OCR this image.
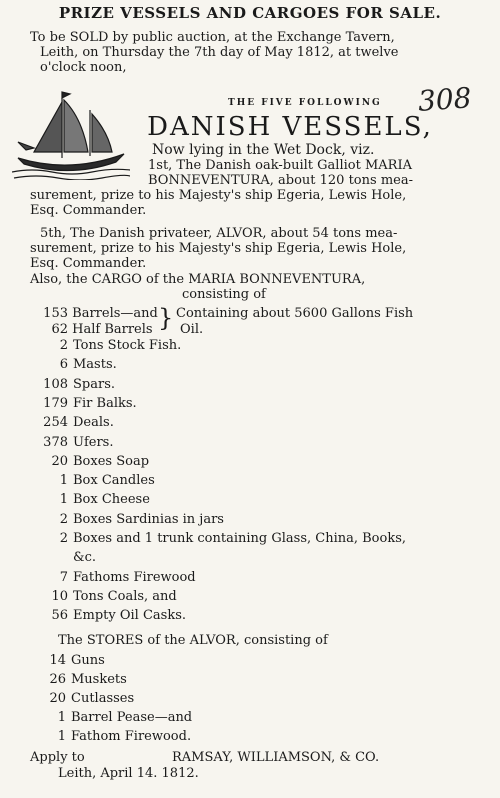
PRIZE VESSELS AND CARGOES FOR SALE.
To be SOLD by public auction, at the Exchange Tavern,
Leith, on Thursday the 7th day of May 1812, at twelve
o'clock noon,
308
THE FIVE FOLLOWING
DANISH VESSELS,
Now lying in the Wet Dock, viz.
1st, The Danish oak-built Galliot MARIA
BONNEVENTURA, about 120 tons mea-
surement, prize to his Majesty's ship Egeria, Lewis Hole,
Esq. Commander.
5th, The Danish privateer, ALVOR, about 54 tons mea-
surement, prize to his Majesty's ship Egeria, Lewis Hole,
Esq. Commander.
Also, the CARGO of the MARIA BONNEVENTURA,
consisting of
153 Barrels—and
62 Half Barrels } Containing about 5600 Gallons Fish
Oil.
2 Tons Stock Fish.
6 Masts.
108 Spars.
179 Fir Balks.
254 Deals.
378 Ufers.
20 Boxes Soap
1 Box Candles
1 Box Cheese
2 Boxes Sardinias in jars
2 Boxes and 1 trunk containing Glass, China, Books,
&c.
7 Fathoms Firewood
10 Tons Coals, and
56 Empty Oil Casks.
The STORES of the ALVOR, consisting of
14 Guns
26 Muskets
20 Cutlasses
1 Barrel Pease—and
1 Fathom Firewood.
Apply to	RAMSAY, WILLIAMSON, & CO.
Leith, April 14. 1812.
